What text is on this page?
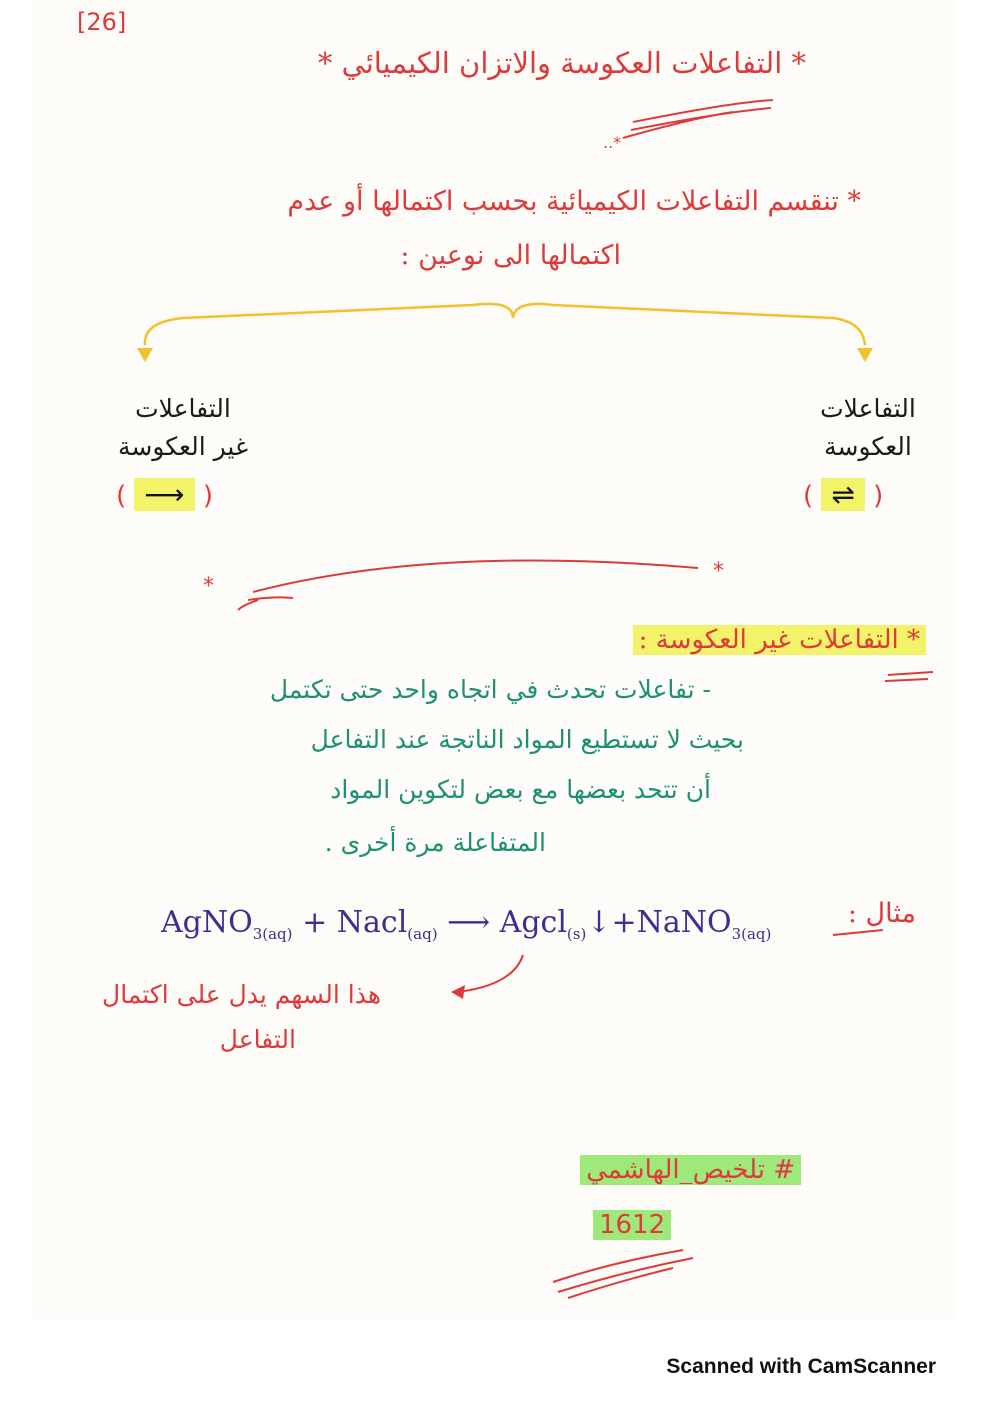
*
*
..*
[26]
* التفاعلات العكوسة والاتزان الكيميائي *
* تنقسم التفاعلات الكيميائية بحسب اكتمالها أو عدم
اكتمالها الى نوعين :
التفاعلات
غير العكوسة
التفاعلات
العكوسة
( ⟶ )	( ⇌ )
* التفاعلات غير العكوسة :
- تفاعلات تحدث في اتجاه واحد حتى تكتمل
بحيث لا تستطيع المواد الناتجة عند التفاعل
أن تتحد بعضها مع بعض لتكوين المواد
المتفاعلة مرة أخرى .
مثال :
AgNO$_{3(aq)}$ + Nacl$_{(aq)}$ ⟶ Agcl$_{(s)}$↓+NaNO$_{3(aq)}$
هذا السهم يدل على اكتمال
التفاعل
# تلخيص_الهاشمي
1612
Scanned with CamScanner
